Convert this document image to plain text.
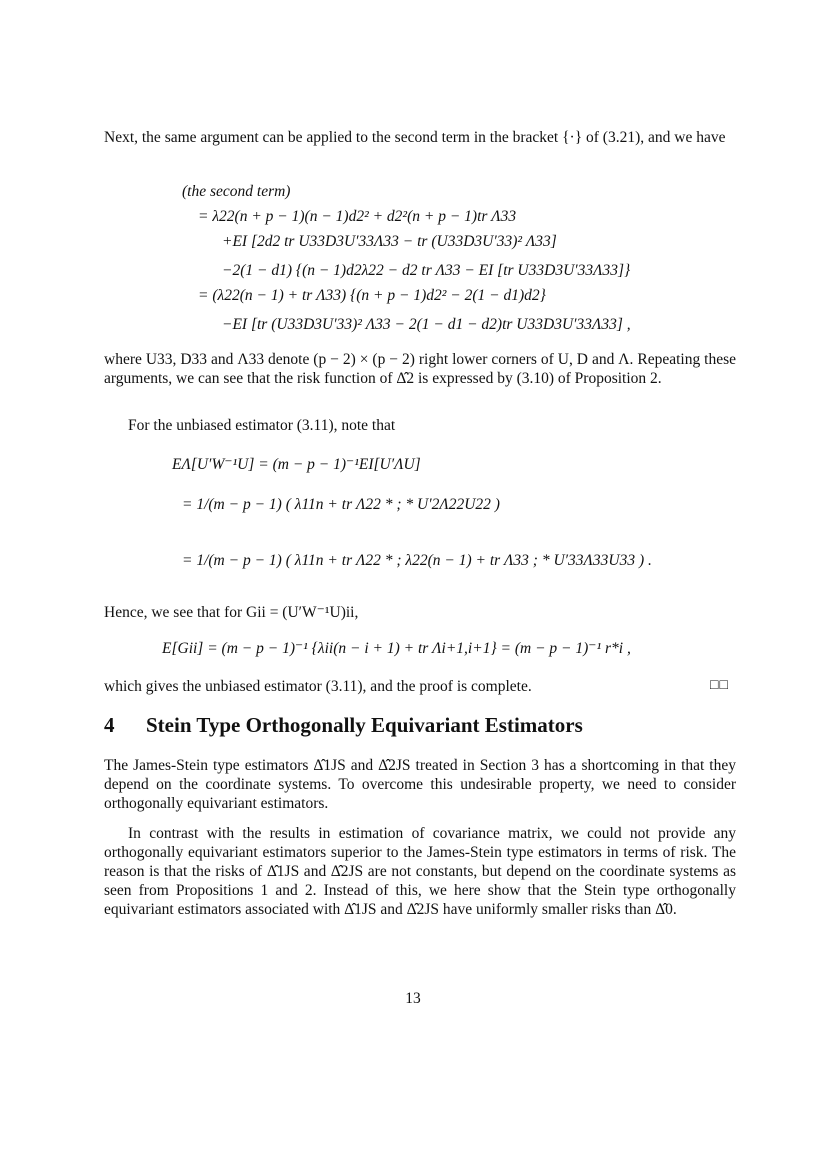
Next, the same argument can be applied to the second term in the bracket {·} of (3.21), and we have
(the second term)
= λ22(n + p − 1)(n − 1)d2² + d2²(n + p − 1)tr Λ33
+EI [2d2 tr U33D3U′33Λ33 − tr (U33D3U′33)² Λ33]
−2(1 − d1) {(n − 1)d2λ22 − d2 tr Λ33 − EI [tr U33D3U′33Λ33]}
= (λ22(n − 1) + tr Λ33) {(n + p − 1)d2² − 2(1 − d1)d2}
−EI [tr (U33D3U′33)² Λ33 − 2(1 − d1 − d2)tr U33D3U′33Λ33] ,
where U33, D33 and Λ33 denote (p − 2) × (p − 2) right lower corners of U, D and Λ. Repeating these arguments, we can see that the risk function of Δ̂2 is expressed by (3.10) of Proposition 2.
For the unbiased estimator (3.11), note that
EΛ[U′W⁻¹U] = (m − p − 1)⁻¹EI[U′ΛU]
= 1/(m − p − 1) ( λ11n + tr Λ22 * ; * U′2Λ22U22 )
= 1/(m − p − 1) ( λ11n + tr Λ22 * ; λ22(n − 1) + tr Λ33 ; * U′33Λ33U33 ) .
Hence, we see that for Gii = (U′W⁻¹U)ii,
E[Gii] = (m − p − 1)⁻¹ {λii(n − i + 1) + tr Λi+1,i+1} = (m − p − 1)⁻¹ r*i ,
which gives the unbiased estimator (3.11), and the proof is complete.	□□
4 Stein Type Orthogonally Equivariant Estimators
The James-Stein type estimators Δ̂1JS and Δ̂2JS treated in Section 3 has a shortcoming in that they depend on the coordinate systems. To overcome this undesirable property, we need to consider orthogonally equivariant estimators.
In contrast with the results in estimation of covariance matrix, we could not provide any orthogonally equivariant estimators superior to the James-Stein type estimators in terms of risk. The reason is that the risks of Δ̂1JS and Δ̂2JS are not constants, but depend on the coordinate systems as seen from Propositions 1 and 2. Instead of this, we here show that the Stein type orthogonally equivariant estimators associated with Δ̂1JS and Δ̂2JS have uniformly smaller risks than Δ̂0.
13
